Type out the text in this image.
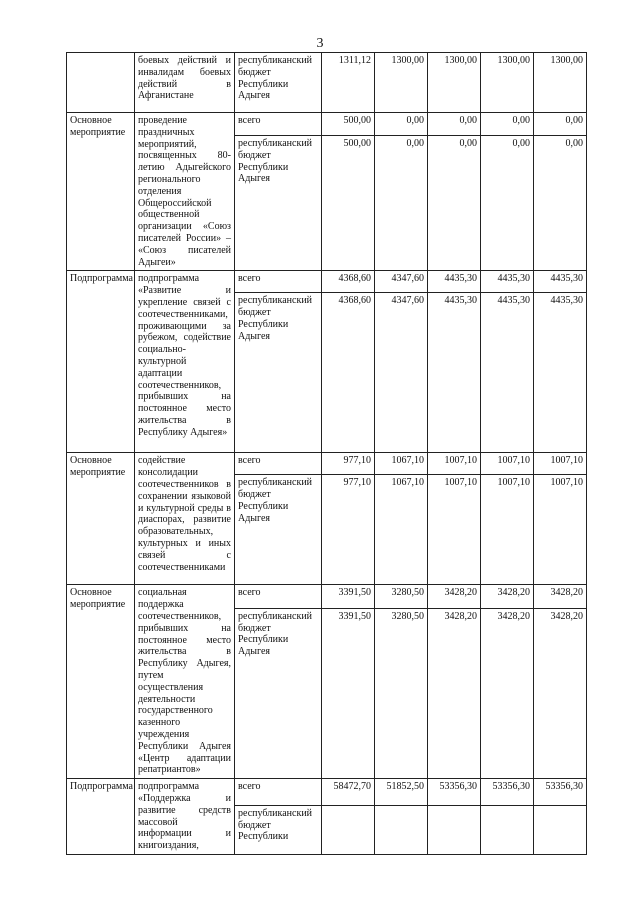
3
	боевых действий и инвалидам боевых действий в Афганистане	республиканский бюджет Республики Адыгея	1311,12	1300,00	1300,00	1300,00	1300,00
Основное мероприятие	проведение праздничных мероприятий, посвященных 80-летию Адыгейского регионального отделения Общероссийской общественной организации «Союз писателей России» – «Союз писателей Адыгеи»	всего	500,00	0,00	0,00	0,00	0,00
		республиканский бюджет Республики Адыгея	500,00	0,00	0,00	0,00	0,00
Подпрограмма	подпрограмма «Развитие и укрепление связей с соотечественниками, проживающими за рубежом, содействие социально-культурной адаптации соотечественников, прибывших на постоянное место жительства в Республику Адыгея»	всего	4368,60	4347,60	4435,30	4435,30	4435,30
		республиканский бюджет Республики Адыгея	4368,60	4347,60	4435,30	4435,30	4435,30
Основное мероприятие	содействие консолидации соотечественников в сохранении языковой и культурной среды в диаспорах, развитие образовательных, культурных и иных связей с соотечественниками	всего	977,10	1067,10	1007,10	1007,10	1007,10
		республиканский бюджет Республики Адыгея	977,10	1067,10	1007,10	1007,10	1007,10
Основное мероприятие	социальная поддержка соотечественников, прибывших на постоянное место жительства в Республику Адыгея, путем осуществления деятельности государственного казенного учреждения Республики Адыгея «Центр адаптации репатриантов»	всего	3391,50	3280,50	3428,20	3428,20	3428,20
		республиканский бюджет Республики Адыгея	3391,50	3280,50	3428,20	3428,20	3428,20
Подпрограмма	подпрограмма «Поддержка и развитие средств массовой информации и книгоиздания,	всего	58472,70	51852,50	53356,30	53356,30	53356,30
		республиканский бюджет Республики					
